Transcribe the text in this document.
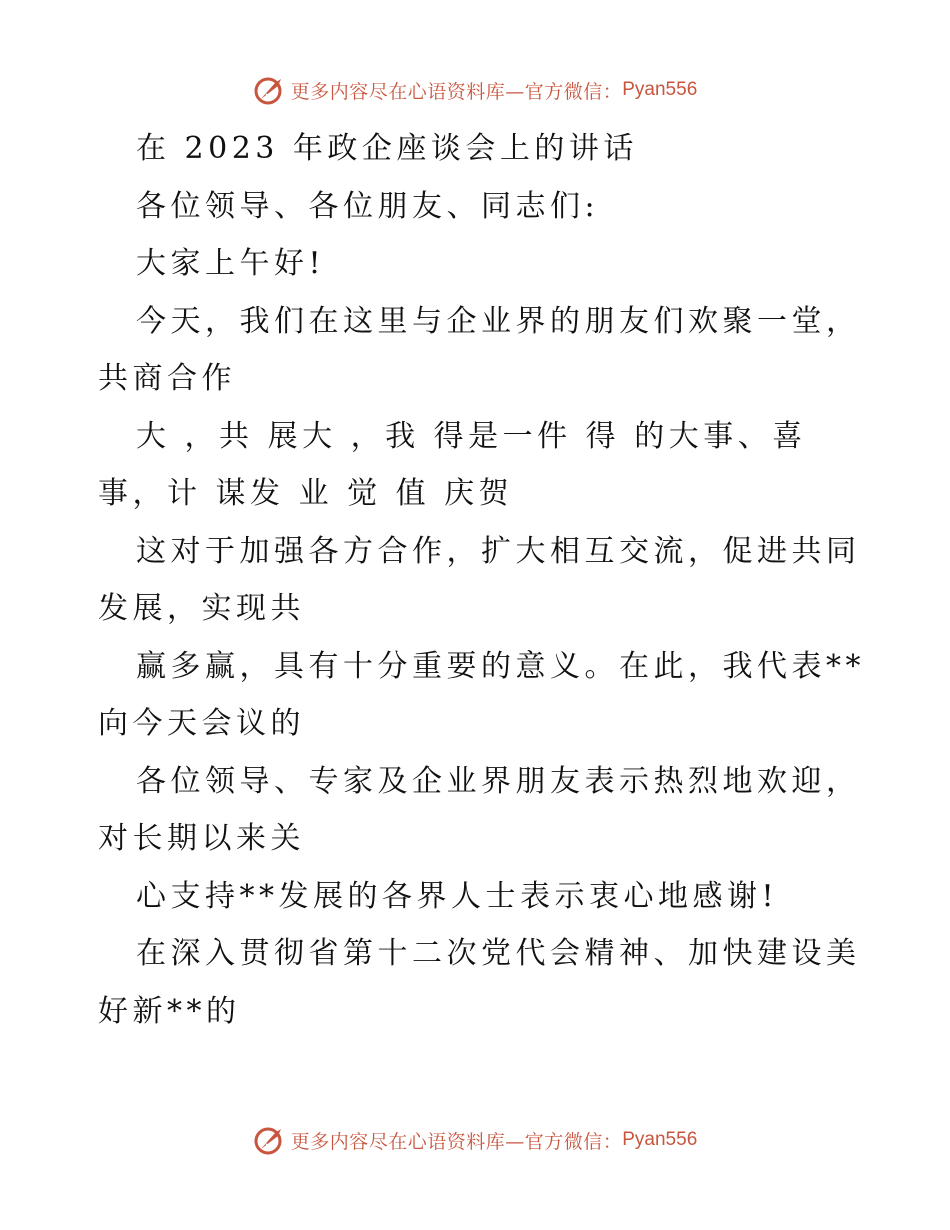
更多内容尽在心语资料库—官方微信： Pyan556
在 2023 年政企座谈会上的讲话
各位领导、各位朋友、同志们:
大家上午好!
今天，我们在这里与企业界的朋友们欢聚一堂，
共商合作
大 ，共 展大 ，我 得是一件 得 的大事、喜
事，计 谋发 业 觉 值 庆贺
这对于加强各方合作，扩大相互交流，促进共同
发展，实现共
赢多赢，具有十分重要的意义。在此，我代表**
向今天会议的
各位领导、专家及企业界朋友表示热烈地欢迎，
对长期以来关
心支持**发展的各界人士表示衷心地感谢!
在深入贯彻省第十二次党代会精神、加快建设美
好新**的
更多内容尽在心语资料库—官方微信： Pyan556
